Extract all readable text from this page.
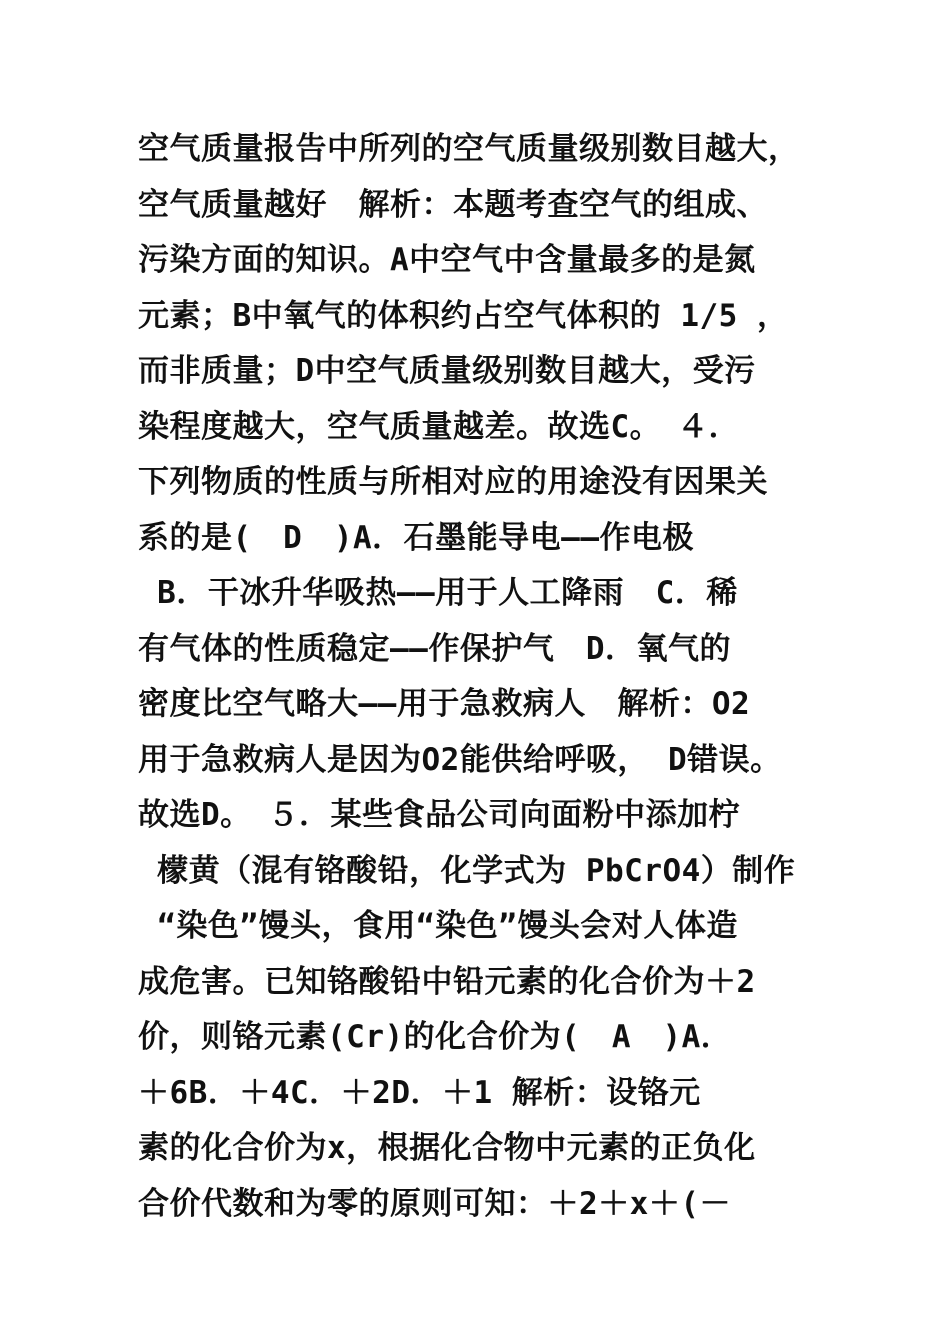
空气质量报告中所列的空气质量级别数目越大，
空气质量越好　解析：本题考查空气的组成、
污染方面的知识。A中空气中含量最多的是氮
元素；B中氧气的体积约占空气体积的 1/5 ，
而非质量；D中空气质量级别数目越大，受污
染程度越大，空气质量越差。故选C。　４．
下列物质的性质与所相对应的用途没有因果关
系的是(　D　)A．石墨能导电——作电极
B．干冰升华吸热——用于人工降雨　C．稀
有气体的性质稳定——作保护气　D．氧气的
密度比空气略大——用于急救病人　解析：O2
用于急救病人是因为O2能供给呼吸， D错误。
故选D。　５．某些食品公司向面粉中添加柠
檬黄（混有铬酸铅，化学式为 PbCrO4）制作
“染色”馒头，食用“染色”馒头会对人体造
成危害。已知铬酸铅中铅元素的化合价为＋2
价，则铬元素(Cr)的化合价为(　A　)A．
＋6B．＋4C．＋2D．＋1 解析：设铬元
素的化合价为x，根据化合物中元素的正负化
合价代数和为零的原则可知：＋2＋x＋(－
